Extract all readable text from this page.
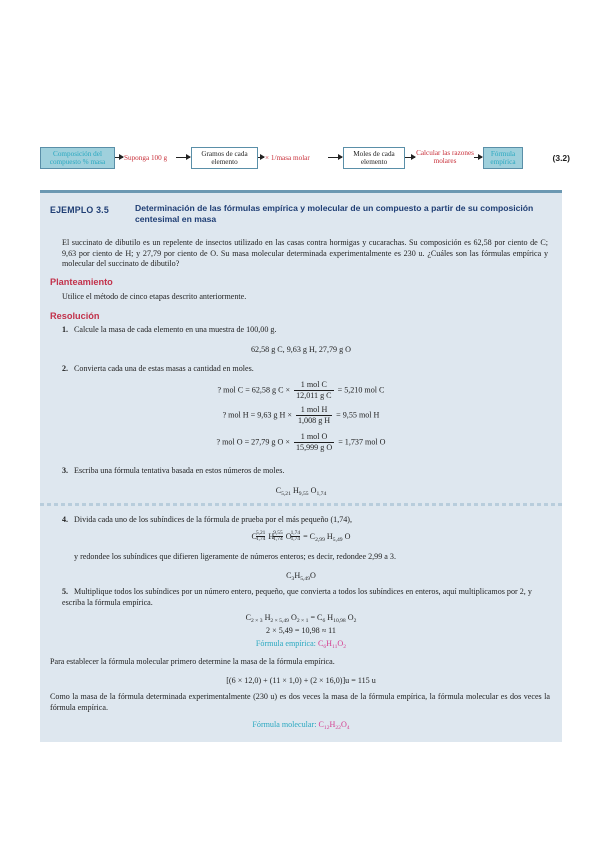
Composición del compuesto % masa	Suponga 100 g
Gramos de cada elemento	× 1/masa molar
Moles de cada elemento
Calcular las razones molares
Fórmula empírica	(3.2)
EJEMPLO 3.5	Determinación de las fórmulas empírica y molecular de un compuesto a partir de su composición centesimal en masa
El succinato de dibutilo es un repelente de insectos utilizado en las casas contra hormigas y cucarachas. Su composición es 62,58 por ciento de C; 9,63 por ciento de H; y 27,79 por ciento de O. Su masa molecular determinada experimentalmente es 230 u. ¿Cuáles son las fórmulas empírica y molecular del succinato de dibutilo?
Planteamiento
Utilice el método de cinco etapas descrito anteriormente.
Resolución
1. Calcule la masa de cada elemento en una muestra de 100,00 g.
62,58 g C, 9,63 g H, 27,79 g O
2. Convierta cada una de estas masas a cantidad en moles.
? mol C = 62,58 g $C \times \frac{\text{1 mol C}}{\text{12,011 g C}} = 5,210$ mol C
? mol H = 9,63 g $H \times \frac{\text{1 mol H}}{\text{1,008 g H}} = 9,55$ mol H
? mol O = 27,79 g $O \times \frac{\text{1 mol O}}{\text{15,999 g O}} = 1,737$ mol O
3. Escriba una fórmula tentativa basada en estos números de moles.
$C_{5,21}$ $H_{9,55}$ $O_{1,74}$
4. Divida cada uno de los subíndices de la fórmula de prueba por el más pequeño (1,74),
C $\frac{5,21}{1,74}$ H $\frac{9,55}{1,74}$ O $\frac{1,74}{1,74} = C_{2,99}$ $H_{5,49}$ O
y redondee los subíndices que difieren ligeramente de números enteros; es decir, redondee 2,99 a 3.
$C_3H_{5,49}O$
5. Multiplique todos los subíndices por un número entero, pequeño, que convierta a todos los subíndices en enteros, aquí multiplicamos por 2, y escriba la fórmula empírica.
$C_{2 \times 3}$ $H_{2 \times 5,49}$ $O_{2 \times 1} = C_6$ $H_{10,98}$ $O_2$
2 × 5,49 = 10,98 ≈ 11
Fórmula empírica: $C_6H_{11}O_2$
Para establecer la fórmula molecular primero determine la masa de la fórmula empírica.
[(6 × 12,0) + (11 × 1,0) + (2 × 16,0)]u = 115 u
Como la masa de la fórmula determinada experimentalmente (230 u) es dos veces la masa de la fórmula empírica, la fórmula molecular es dos veces la fórmula empírica.
Fórmula molecular: $C_{12}H_{22}O_4$
